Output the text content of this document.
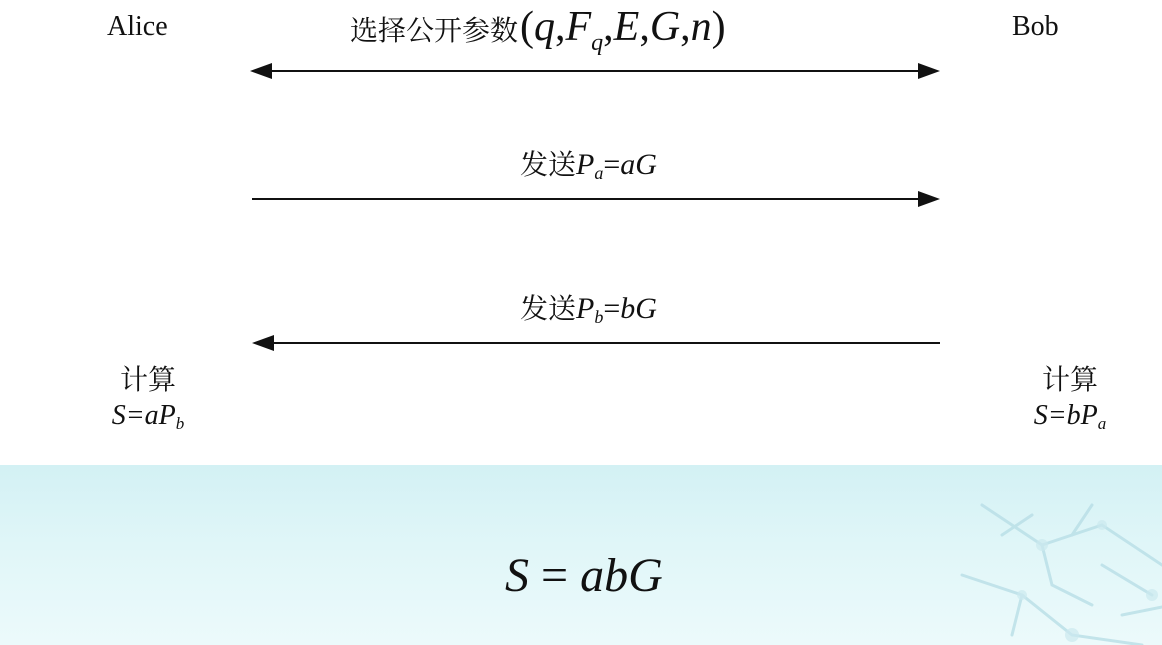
Alice	Bob
选择公开参数 $(q,F_q,E,G,n)$
发送 $P_a=aG$
发送 $P_b=bG$
计算
$S=aP_b$
计算
$S=bP_a$
S = abG
